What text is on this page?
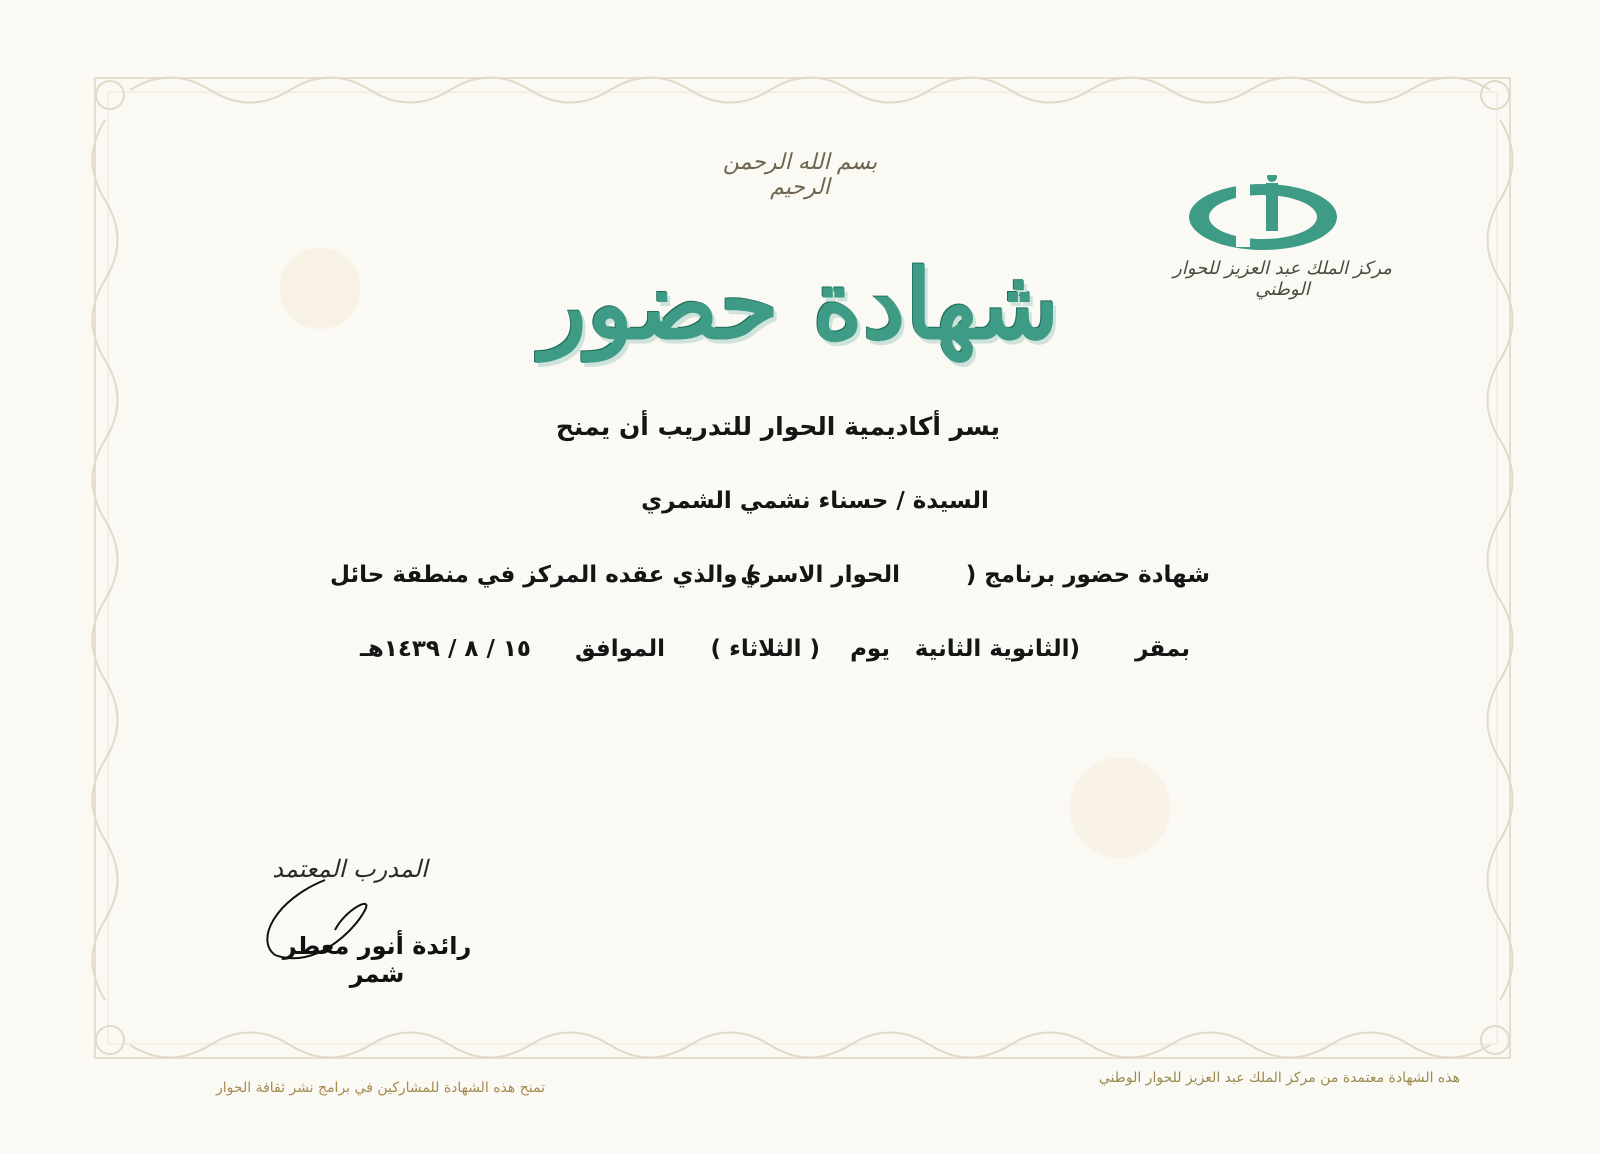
بسم الله الرحمن الرحيم
شهادة حضور	مركز الملك عبد العزيز للحوار الوطني
يسر أكاديمية الحوار للتدريب أن يمنح
السيدة / حسناء نشمي الشمري
شهادة حضور برنامج (
الحوار الاسري
) والذي عقده المركز في منطقة حائل
بمقر
(الثانوية الثانية
يوم
( الثلاثاء )
الموافق
١٥ / ٨ / ١٤٣٩هـ
المدرب المعتمد
رائدة أنور معطر شمر
هذه الشهادة معتمدة من مركز الملك عبد العزيز للحوار الوطني
تمنح هذه الشهادة للمشاركين في برامج نشر ثقافة الحوار
